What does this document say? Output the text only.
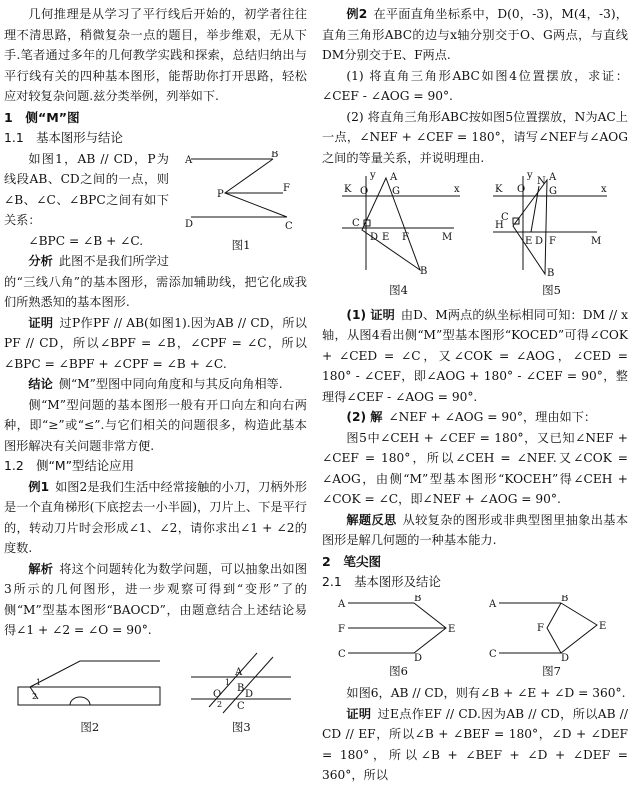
几何推理是从学习了平行线后开始的，初学者往往理不清思路，稍微复杂一点的题目，举步维艰，无从下手.笔者通过多年的几何教学实践和探索，总结归纳出与平行线有关的四种基本图形，能帮助你打开思路，轻松应对较复杂问题.兹分类举例，列举如下.

1　侧“M”图

1.1　基本图形与结论

A
B
P
F
D	C
图1

如图1，AB // CD，P为线段AB、CD之间的一点，则∠B、∠C、∠BPC之间有如下关系：

∠BPC = ∠B + ∠C.

分析 此图不是我们所学过的“三线八角”的基本图形，需添加辅助线，把它化成我们所熟悉知的基本图形.

证明 过P作PF // AB(如图1).因为AB // CD，所以PF // CD，所以∠BPF = ∠B，∠CPF = ∠C，所以∠BPC = ∠BPF + ∠CPF = ∠B + ∠C.

结论 侧“M”型图中同向角度和与其反向角相等.

侧“M”型问题的基本图形一般有开口向左和向右两种，即“≥”或“≤”.与它们相关的问题很多，构造此基本图形解决有关问题非常方便.

1.2　侧“M”型结论应用

例1 如图2是我们生活中经常接触的小刀，刀柄外形是一个直角梯形(下底挖去一小半圆)，刀片上、下是平行的，转动刀片时会形成∠1、∠2，请你求出∠1 + ∠2的度数.

解析 将这个问题转化为数学问题，可以抽象出如图3所示的几何图形，进一步观察可得到“变形”了的侧“M”型基本图形“BAOCD”，由题意结合上述结论易得∠1 + ∠2 = ∠O = 90°.

1
2
图2
A
B
O
C
D
1
2
图3

例2 在平面直角坐标系中，D(0，-3)，M(4，-3)，直角三角形ABC的边与x轴分别交于O、G两点，与直线DM分别交于E、F两点.

(1) 将直角三角形ABC如图4位置摆放，求证：∠CEF - ∠AOG = 90°.

(2) 将直角三角形ABC按如图5位置摆放，N为AC上一点，∠NEF + ∠CEF = 180°，请写∠NEF与∠AOG之间的等量关系，并说明理由.

K O
A
G	x
y
C
D E F	M
B
图4
K O
A
N
G	x
y
C
H
E D F	M
B
图5

(1) 证明 由D、M两点的纵坐标相同可知：DM // x轴，从图4看出侧“M”型基本图形“KOCED”可得∠COK + ∠CED = ∠C，又∠COK = ∠AOG，∠CED = 180° - ∠CEF，即∠AOG + 180° - ∠CEF = 90°，整理得∠CEF - ∠AOG = 90°.

(2) 解 ∠NEF + ∠AOG = 90°，理由如下：

图5中∠CEH + ∠CEF = 180°，又已知∠NEF + ∠CEF = 180°，所以∠CEH = ∠NEF.又∠COK = ∠AOG，由侧“M”型基本图形“KOCEH”得∠CEH + ∠COK = ∠C，即∠NEF + ∠AOG = 90°.

解题反思 从较复杂的图形或非典型图里抽象出基本图形是解几何题的一种基本能力.

2　笔尖图

2.1　基本图形及结论

A
B
F	E
C	D
图6
A
B
F	E
C	D
图7

如图6，AB // CD，则有∠B + ∠E + ∠D = 360°.

证明 过E点作EF // CD.因为AB // CD，所以AB // CD // EF，所以∠B + ∠BEF = 180°，∠D + ∠DEF = 180°，所以∠B + ∠BEF + ∠D + ∠DEF = 360°，所以
